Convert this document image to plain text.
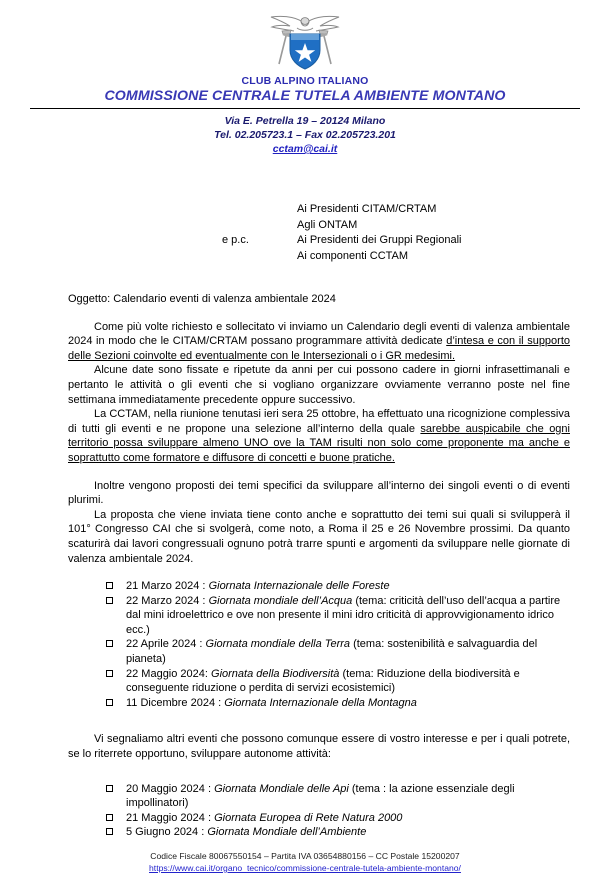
CLUB ALPINO ITALIANO
COMMISSIONE CENTRALE TUTELA AMBIENTE MONTANO
Via E. Petrella 19 – 20124 Milano
Tel. 02.205723.1 – Fax 02.205723.201
cctam@cai.it
e p.c.
Ai Presidenti CITAM/CRTAM
Agli ONTAM
Ai Presidenti dei Gruppi Regionali
Ai componenti CCTAM
Oggetto: Calendario eventi di valenza ambientale 2024

Come più volte richiesto e sollecitato vi inviamo un Calendario degli eventi di valenza ambientale 2024 in modo che le CITAM/CRTAM possano programmare attività dedicate d’intesa e con il supporto delle Sezioni coinvolte ed eventualmente con le Intersezionali o i GR medesimi.

Alcune date sono fissate e ripetute da anni per cui possono cadere in giorni infrasettimanali e pertanto le attività o gli eventi che si vogliano organizzare ovviamente verranno poste nel fine settimana immediatamente precedente oppure successivo.

La CCTAM, nella riunione tenutasi ieri sera 25 ottobre, ha effettuato una ricognizione complessiva di tutti gli eventi e ne propone una selezione all’interno della quale sarebbe auspicabile che ogni territorio possa sviluppare almeno UNO ove la TAM risulti non solo come proponente ma anche e soprattutto come formatore e diffusore di concetti e buone pratiche.

Inoltre vengono proposti dei temi specifici da sviluppare all’interno dei singoli eventi o di eventi plurimi.

La proposta che viene inviata tiene conto anche e soprattutto dei temi sui quali si svilupperà il 101° Congresso CAI che si svolgerà, come noto, a Roma il 25 e 26 Novembre prossimi. Da quanto scaturirà dai lavori congressuali ognuno potrà trarre spunti e argomenti da sviluppare nelle giornate di valenza ambientale 2024.

21 Marzo 2024 : Giornata Internazionale delle Foreste
22 Marzo 2024 : Giornata mondiale dell’Acqua (tema: criticità dell’uso dell’acqua a partire dal mini idroelettrico e ove non presente il mini idro criticità di approvvigionamento idrico ecc.)
22 Aprile 2024 : Giornata mondiale della Terra (tema: sostenibilità e salvaguardia del pianeta)
22 Maggio 2024: Giornata della Biodiversità (tema: Riduzione della biodiversità e conseguente riduzione o perdita di servizi ecosistemici)
11 Dicembre 2024 : Giornata Internazionale della Montagna

Vi segnaliamo altri eventi che possono comunque essere di vostro interesse e per i quali potrete, se lo riterrete opportuno, sviluppare autonome attività:

20 Maggio 2024 : Giornata Mondiale delle Api (tema : la azione essenziale degli impollinatori)
21 Maggio 2024 : Giornata Europea di Rete Natura 2000
5 Giugno 2024 : Giornata Mondiale dell’Ambiente
Codice Fiscale 80067550154 – Partita IVA 03654880156 – CC Postale 15200207
https://www.cai.it/organo_tecnico/commissione-centrale-tutela-ambiente-montano/
